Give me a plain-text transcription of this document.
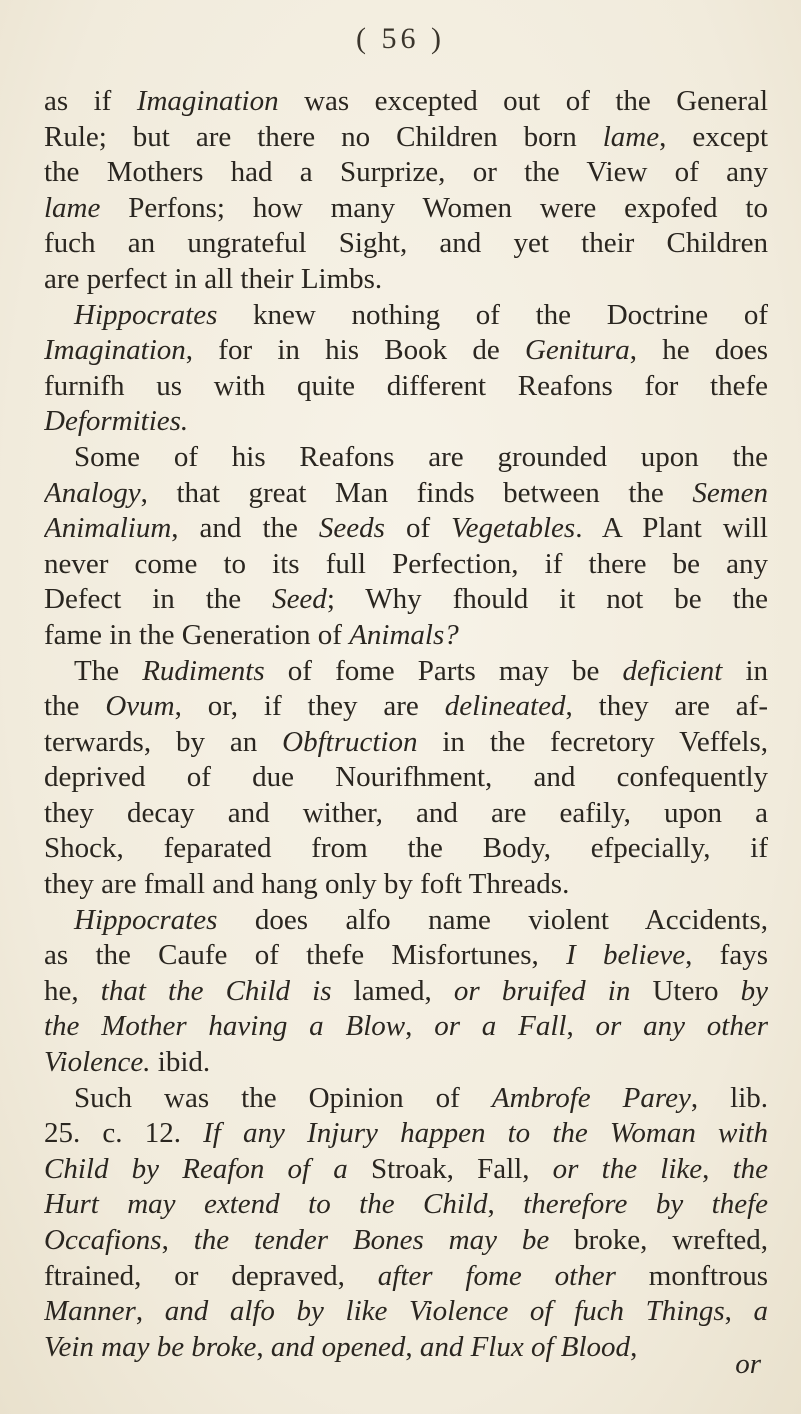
( 56 )
as if Imagination was excepted out of the General
Rule; but are there no Children born lame, except
the Mothers had a Surprize, or the View of any
lame Perfons; how many Women were expofed to
fuch an ungrateful Sight, and yet their Children
are perfect in all their Limbs.
Hippocrates knew nothing of the Doctrine of
Imagination, for in his Book de Genitura, he does
furnifh us with quite different Reafons for thefe
Deformities.
Some of his Reafons are grounded upon the
Analogy, that great Man finds between the Semen
Animalium, and the Seeds of Vegetables. A Plant will
never come to its full Perfection, if there be any
Defect in the Seed; Why fhould it not be the
fame in the Generation of Animals?
The Rudiments of fome Parts may be deficient in
the Ovum, or, if they are delineated, they are af-
terwards, by an Obftruction in the fecretory Veffels,
deprived of due Nourifhment, and confequently
they decay and wither, and are eafily, upon a
Shock, feparated from the Body, efpecially, if
they are fmall and hang only by foft Threads.
Hippocrates does alfo name violent Accidents,
as the Caufe of thefe Misfortunes, I believe, fays
he, that the Child is lamed, or bruifed in Utero by
the Mother having a Blow, or a Fall, or any other
Violence. ibid.
Such was the Opinion of Ambrofe Parey, lib.
25. c. 12. If any Injury happen to the Woman with
Child by Reafon of a Stroak, Fall, or the like, the
Hurt may extend to the Child, therefore by thefe
Occafions, the tender Bones may be broke, wrefted,
ftrained, or depraved, after fome other monftrous
Manner, and alfo by like Violence of fuch Things, a
Vein may be broke, and opened, and Flux of Blood,
or
